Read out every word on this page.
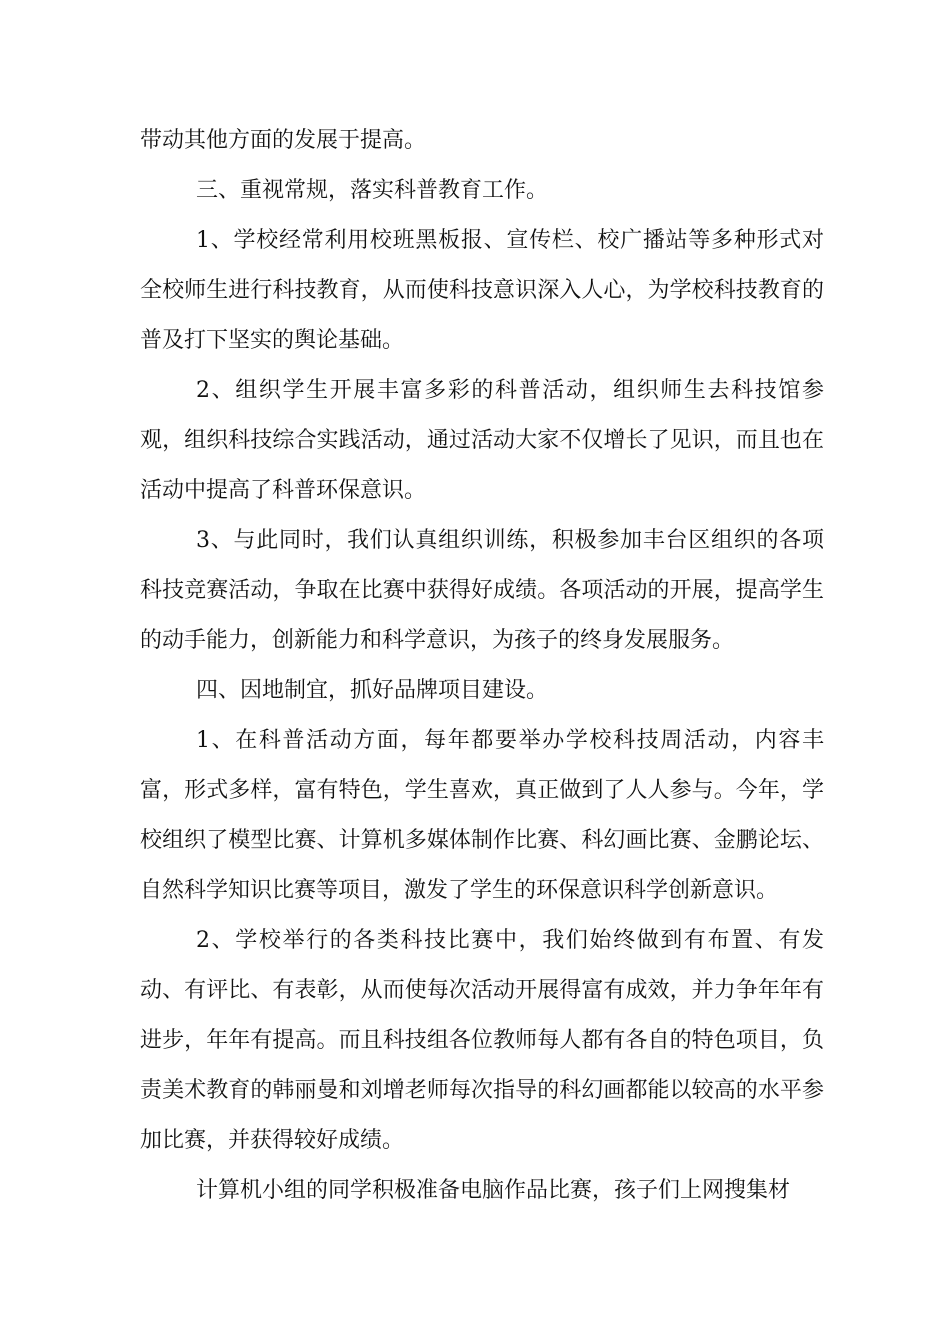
带动其他方面的发展于提高。

三、重视常规，落实科普教育工作。

1、学校经常利用校班黑板报、宣传栏、校广播站等多种形式对全校师生进行科技教育，从而使科技意识深入人心，为学校科技教育的普及打下坚实的舆论基础。

2、组织学生开展丰富多彩的科普活动，组织师生去科技馆参观，组织科技综合实践活动，通过活动大家不仅增长了见识，而且也在活动中提高了科普环保意识。

3、与此同时，我们认真组织训练，积极参加丰台区组织的各项科技竞赛活动，争取在比赛中获得好成绩。各项活动的开展，提高学生的动手能力，创新能力和科学意识，为孩子的终身发展服务。

四、因地制宜，抓好品牌项目建设。

1、在科普活动方面，每年都要举办学校科技周活动，内容丰富，形式多样，富有特色，学生喜欢，真正做到了人人参与。今年，学校组织了模型比赛、计算机多媒体制作比赛、科幻画比赛、金鹏论坛、自然科学知识比赛等项目，激发了学生的环保意识科学创新意识。

2、学校举行的各类科技比赛中，我们始终做到有布置、有发动、有评比、有表彰，从而使每次活动开展得富有成效，并力争年年有进步，年年有提高。而且科技组各位教师每人都有各自的特色项目，负责美术教育的韩丽曼和刘增老师每次指导的科幻画都能以较高的水平参加比赛，并获得较好成绩。

计算机小组的同学积极准备电脑作品比赛，孩子们上网搜集材
